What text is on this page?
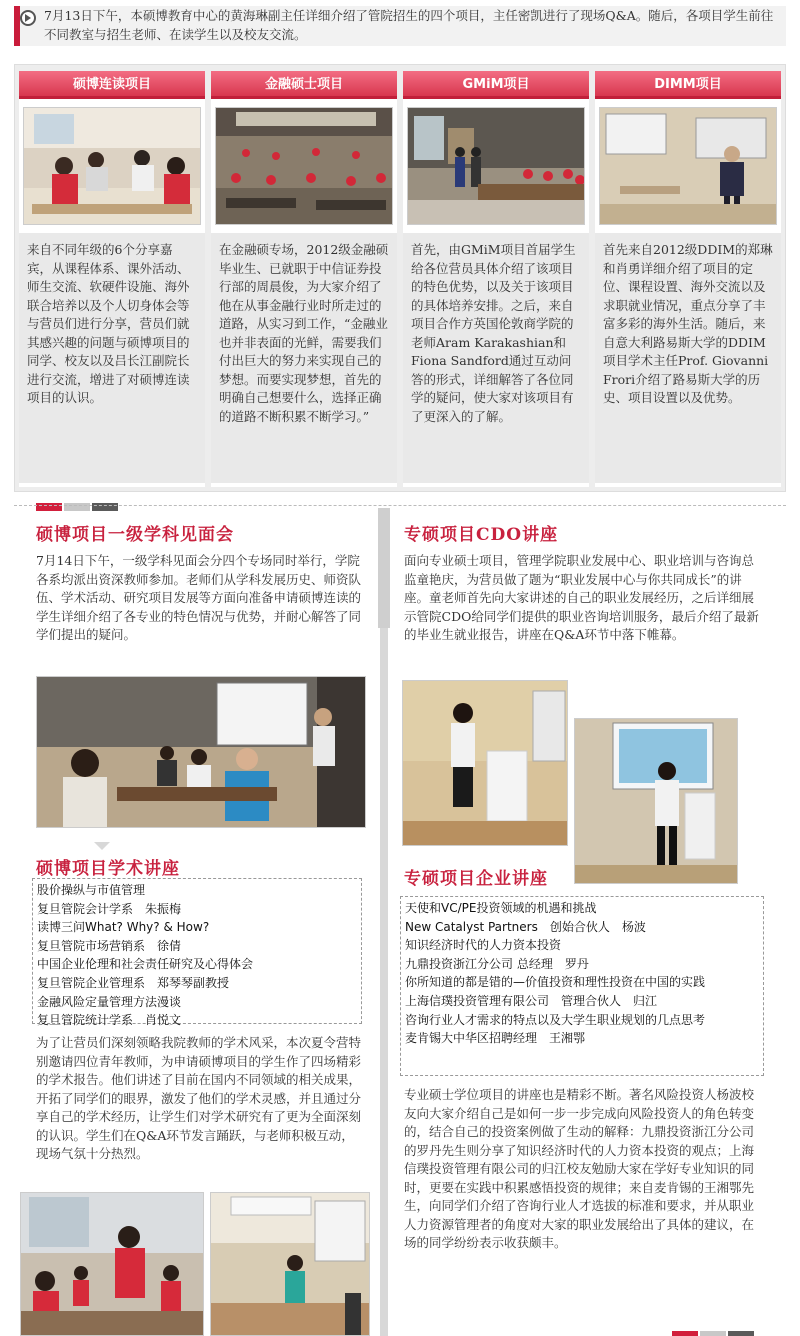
7月13日下午，本硕博教育中心的黄海琳副主任详细介绍了管院招生的四个项目，主任密凯进行了现场Q&A。随后，各项目学生前往不同教室与招生老师、在读学生以及校友交流。

硕博连读项目
来自不同年级的6个分享嘉宾，从课程体系、课外活动、师生交流、软硬件设施、海外联合培养以及个人切身体会等与营员们进行分享，营员们就其感兴趣的问题与硕博项目的同学、校友以及吕长江副院长进行交流，增进了对硕博连读项目的认识。
金融硕士项目
在金融硕专场，2012级金融硕毕业生、已就职于中信证券投行部的周晨俊，为大家介绍了他在从事金融行业时所走过的道路，从实习到工作，“金融业也并非表面的光鲜，需要我们付出巨大的努力来实现自己的梦想。而要实现梦想，首先的明确自己想要什么，选择正确的道路不断积累不断学习。”
GMiM项目
首先，由GMiM项目首届学生给各位营员具体介绍了该项目的特色优势，以及关于该项目的具体培养安排。之后，来自项目合作方英国伦敦商学院的老师Aram Karakashian和Fiona Sandford通过互动问答的形式，详细解答了各位同学的疑问，使大家对该项目有了更深入的了解。
DIMM项目
首先来自2012级DDIM的郑琳和肖勇详细介绍了项目的定位、课程设置、海外交流以及求职就业情况，重点分享了丰富多彩的海外生活。随后，来自意大利路易斯大学的DDIM项目学术主任Prof. Giovanni Frori介绍了路易斯大学的历史、项目设置以及优势。
硕博项目一级学科见面会
7月14日下午，一级学科见面会分四个专场同时举行，学院各系均派出资深教师参加。老师们从学科发展历史、师资队伍、学术活动、研究项目发展等方面向准备申请硕博连读的学生详细介绍了各专业的特色情况与优势，并耐心解答了同学们提出的疑问。
硕博项目学术讲座
股价操纵与市值管理
复旦管院会计学系　朱振梅
读博三问What? Why? & How?
复旦管院市场营销系　徐倩
中国企业伦理和社会责任研究及心得体会
复旦管院企业管理系　郑琴琴副教授
金融风险定量管理方法漫谈
复旦管院统计学系　肖悦文
为了让营员们深刻领略我院教师的学术风采，本次夏令营特别邀请四位青年教师，为申请硕博项目的学生作了四场精彩的学术报告。他们讲述了目前在国内不同领域的相关成果，开拓了同学们的眼界，激发了他们的学术灵感，并且通过分享自己的学术经历，让学生们对学术研究有了更为全面深刻的认识。学生们在Q&A环节发言踊跃，与老师积极互动，现场气氛十分热烈。
专硕项目CDO讲座
面向专业硕士项目，管理学院职业发展中心、职业培训与咨询总监童艳庆，为营员做了题为“职业发展中心与你共同成长”的讲座。童老师首先向大家讲述的自己的职业发展经历，之后详细展示管院CDO给同学们提供的职业咨询培训服务，最后介绍了最新的毕业生就业报告，讲座在Q&A环节中落下帷幕。
专硕项目企业讲座
天使和VC/PE投资领域的机遇和挑战
New Catalyst Partners　创始合伙人　杨波
知识经济时代的人力资本投资
九鼎投资浙江分公司 总经理　罗丹
你所知道的都是错的—价值投资和理性投资在中国的实践
上海信璞投资管理有限公司　管理合伙人　归江
咨询行业人才需求的特点以及大学生职业规划的几点思考
麦肯锡大中华区招聘经理　王湘鄂
专业硕士学位项目的讲座也是精彩不断。著名风险投资人杨波校友向大家介绍自己是如何一步一步完成向风险投资人的角色转变的，结合自己的投资案例做了生动的解释：九鼎投资浙江分公司的罗丹先生则分享了知识经济时代的人力资本投资的观点；上海信璞投资管理有限公司的归江校友勉励大家在学好专业知识的同时，更要在实践中积累感悟投资的规律；来自麦肯锡的王湘鄂先生，向同学们介绍了咨询行业人才选拔的标准和要求，并从职业人力资源管理者的角度对大家的职业发展给出了具体的建议，在场的同学纷纷表示收获颇丰。
